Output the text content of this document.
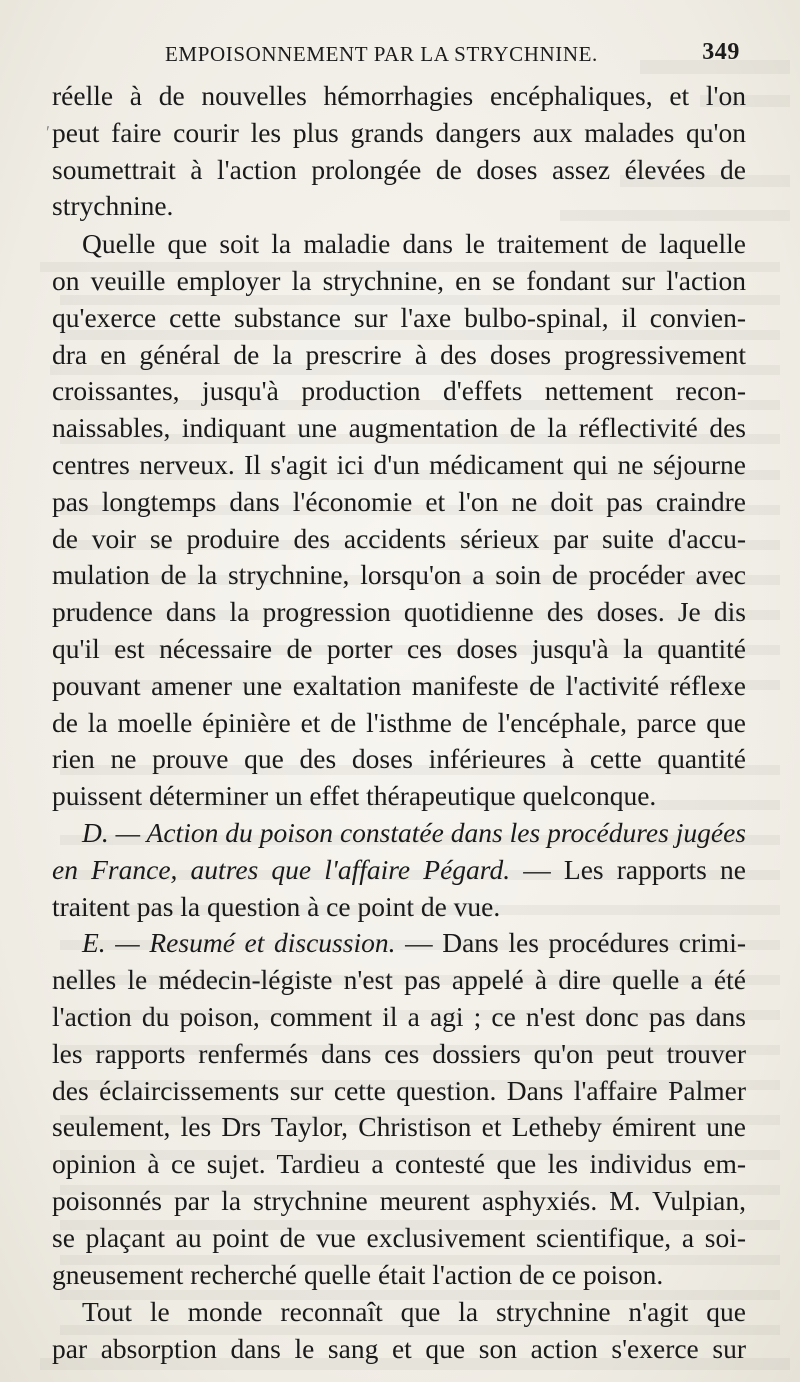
EMPOISONNEMENT PAR LA STRYCHNINE.	349
ʹ
réelle à de nouvelles hémorrhagies encéphaliques, et l'on
peut faire courir les plus grands dangers aux malades qu'on
soumettrait à l'action prolongée de doses assez élevées de
strychnine.
Quelle que soit la maladie dans le traitement de laquelle
on veuille employer la strychnine, en se fondant sur l'action
qu'exerce cette substance sur l'axe bulbo-spinal, il convien-
dra en général de la prescrire à des doses progressivement
croissantes, jusqu'à production d'effets nettement recon-
naissables, indiquant une augmentation de la réflectivité des
centres nerveux. Il s'agit ici d'un médicament qui ne séjourne
pas longtemps dans l'économie et l'on ne doit pas craindre
de voir se produire des accidents sérieux par suite d'accu-
mulation de la strychnine, lorsqu'on a soin de procéder avec
prudence dans la progression quotidienne des doses. Je dis
qu'il est nécessaire de porter ces doses jusqu'à la quantité
pouvant amener une exaltation manifeste de l'activité réflexe
de la moelle épinière et de l'isthme de l'encéphale, parce que
rien ne prouve que des doses inférieures à cette quantité
puissent déterminer un effet thérapeutique quelconque.
D. — Action du poison constatée dans les procédures jugées
en France, autres que l'affaire Pégard. — Les rapports ne
traitent pas la question à ce point de vue.
E. — Resumé et discussion. — Dans les procédures crimi-
nelles le médecin-légiste n'est pas appelé à dire quelle a été
l'action du poison, comment il a agi ; ce n'est donc pas dans
les rapports renfermés dans ces dossiers qu'on peut trouver
des éclaircissements sur cette question. Dans l'affaire Palmer
seulement, les Drs Taylor, Christison et Letheby émirent une
opinion à ce sujet. Tardieu a contesté que les individus em-
poisonnés par la strychnine meurent asphyxiés. M. Vulpian,
se plaçant au point de vue exclusivement scientifique, a soi-
gneusement recherché quelle était l'action de ce poison.
Tout le monde reconnaît que la strychnine n'agit que
par absorption dans le sang et que son action s'exerce sur
